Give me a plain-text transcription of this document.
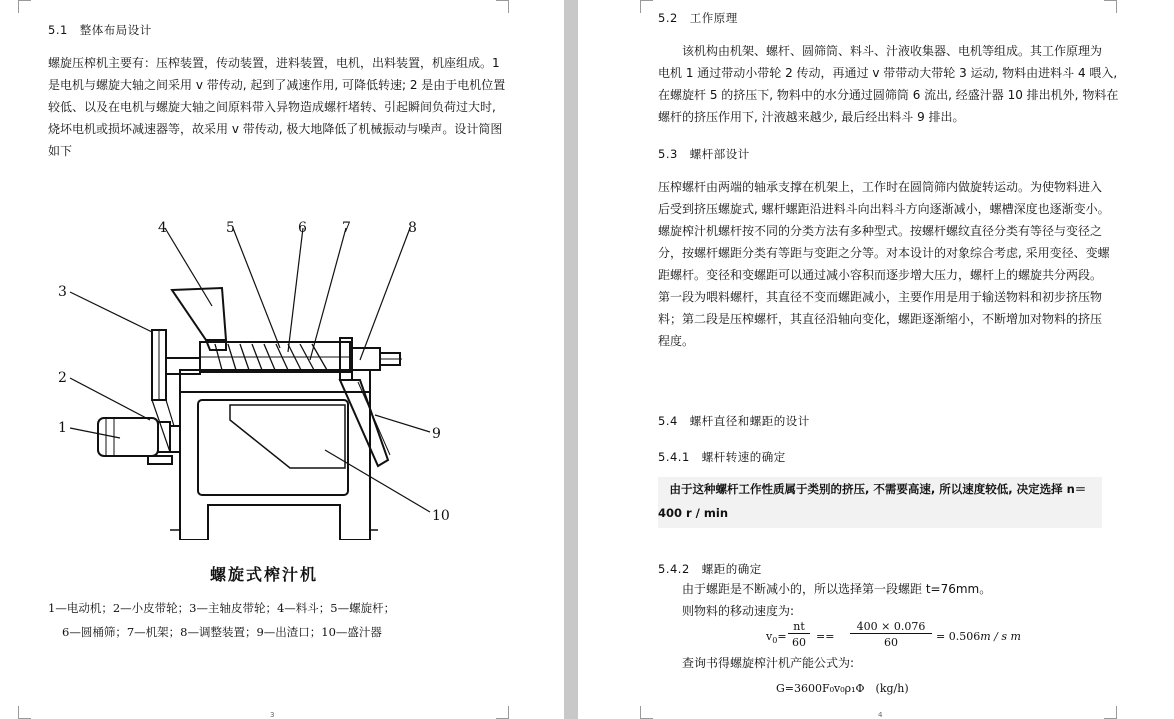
5.1　整体布局设计
螺旋压榨机主要有：压榨装置，传动装置，进料装置，电机，出料装置，机座组成。1
是电机与螺旋大轴之间采用 v 带传动, 起到了减速作用, 可降低转速; 2 是由于电机位置
较低、以及在电机与螺旋大轴之间原料带入异物造成螺杆堵转、引起瞬间负荷过大时,
烧坏电机或损坏减速器等，故采用 v 带传动, 极大地降低了机械振动与噪声。设计简图
如下
4	5	6	7	8
3
2
1	9
10
螺旋式榨汁机
1—电动机；2—小皮带轮；3—主轴皮带轮；4—料斗；5—螺旋杆；
6—圆桶筛；7—机架；8—调整装置；9—出渣口；10—盛汁器
3
5.2　工作原理
　　该机构由机架、螺杆、圆筛筒、料斗、汁液收集器、电机等组成。其工作原理为
电机 1 通过带动小带轮 2 传动，再通过 v 带带动大带轮 3 运动, 物料由进料斗 4 喂入,
在螺旋杆 5 的挤压下, 物料中的水分通过圆筛筒 6 流出, 经盛汁器 10 排出机外, 物料在
螺杆的挤压作用下, 汁液越来越少, 最后经出料斗 9 排出。
5.3　螺杆部设计
压榨螺杆由两端的轴承支撑在机架上，工作时在圆筒筛内做旋转运动。为使物料进入
后受到挤压螺旋式, 螺杆螺距沿进料斗向出料斗方向逐渐减小，螺槽深度也逐渐变小。
螺旋榨汁机螺杆按不同的分类方法有多种型式。按螺杆螺纹直径分类有等径与变径之
分，按螺杆螺距分类有等距与变距之分等。对本设计的对象综合考虑, 采用变径、变螺
距螺杆。变径和变螺距可以通过减小容积而逐步增大压力，螺杆上的螺旋共分两段。
第一段为喂料螺杆，其直径不变而螺距减小，主要作用是用于输送物料和初步挤压物
料；第二段是压榨螺杆，其直径沿轴向变化，螺距逐渐缩小，不断增加对物料的挤压
程度。
5.4　螺杆直径和螺距的设计
5.4.1　螺杆转速的确定
　由于这种螺杆工作性质属于类别的挤压, 不需要高速, 所以速度较低, 决定选择 n＝
400 r / min
5.4.2　螺距的确定
由于螺距是不断减小的，所以选择第一段螺距 t=76mm。
则物料的移动速度为:
$v_0=$
nt
60 ==
400 × 0.076
60	= 0.506m / s m
查询书得螺旋榨汁机产能公式为:
G=3600F₀v₀ρ₁Φ　(kg/h)
4
